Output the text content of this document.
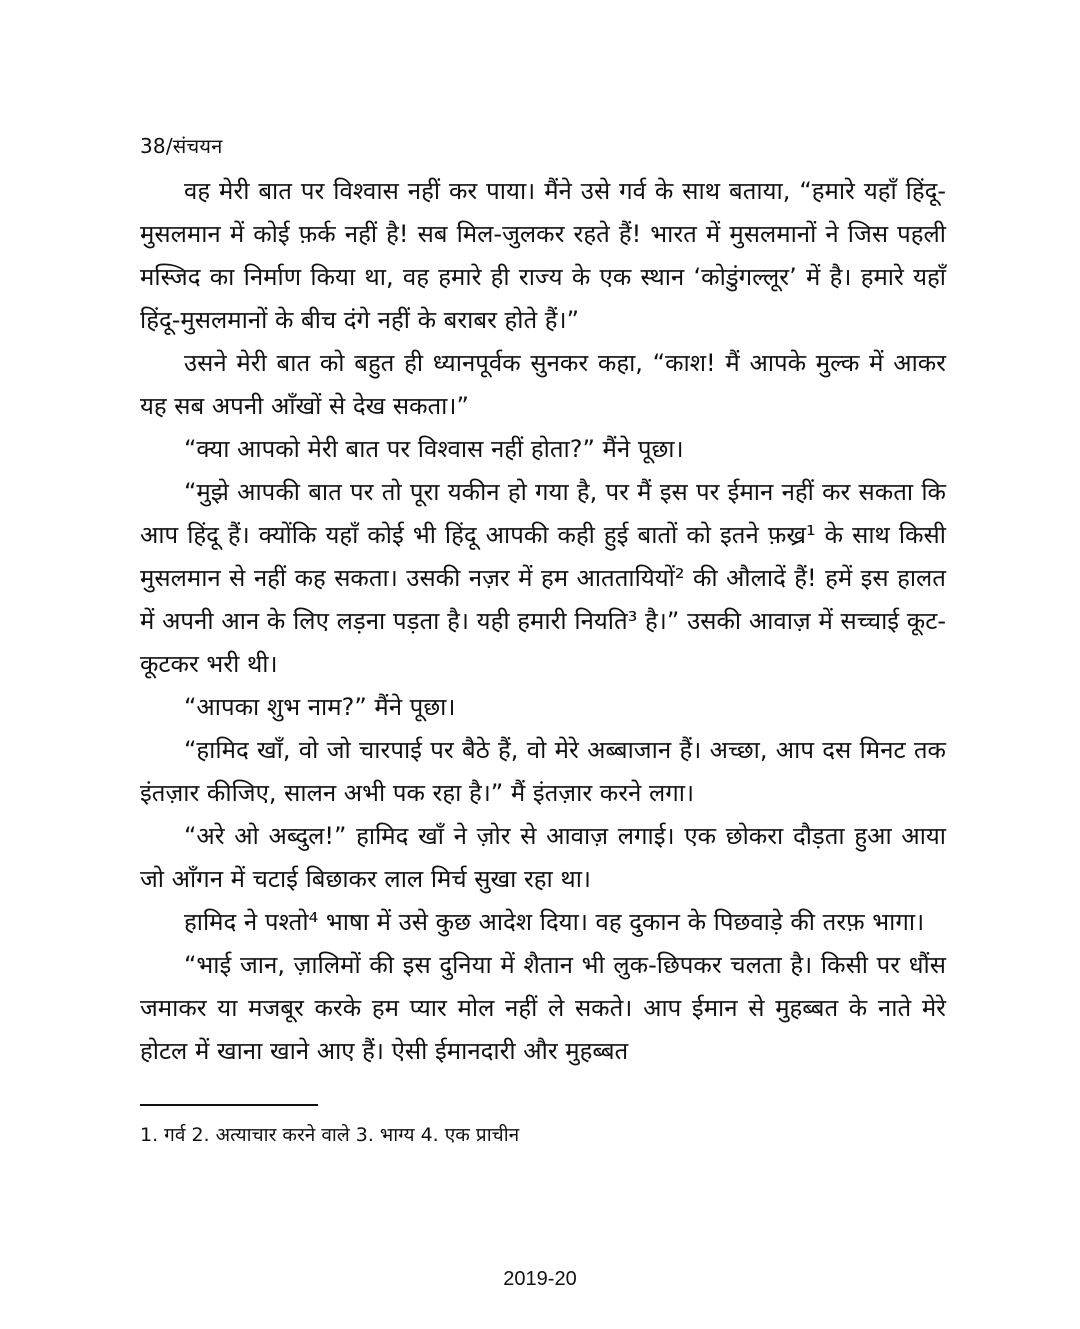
38/संचयन

वह मेरी बात पर विश्वास नहीं कर पाया। मैंने उसे गर्व के साथ बताया, “हमारे यहाँ हिंदू-मुसलमान में कोई फ़र्क नहीं है! सब मिल-जुलकर रहते हैं! भारत में मुसलमानों ने जिस पहली मस्जिद का निर्माण किया था, वह हमारे ही राज्य के एक स्थान ‘कोडुंगल्लूर’ में है। हमारे यहाँ हिंदू-मुसलमानों के बीच दंगे नहीं के बराबर होते हैं।”

उसने मेरी बात को बहुत ही ध्यानपूर्वक सुनकर कहा, “काश! मैं आपके मुल्क में आकर यह सब अपनी आँखों से देख सकता।”

“क्या आपको मेरी बात पर विश्वास नहीं होता?” मैंने पूछा।

“मुझे आपकी बात पर तो पूरा यकीन हो गया है, पर मैं इस पर ईमान नहीं कर सकता कि आप हिंदू हैं। क्योंकि यहाँ कोई भी हिंदू आपकी कही हुई बातों को इतने फ़ख्र¹ के साथ किसी मुसलमान से नहीं कह सकता। उसकी नज़र में हम आततायियों² की औलादें हैं! हमें इस हालत में अपनी आन के लिए लड़ना पड़ता है। यही हमारी नियति³ है।” उसकी आवाज़ में सच्चाई कूट-कूटकर भरी थी।

“आपका शुभ नाम?” मैंने पूछा।

“हामिद खाँ, वो जो चारपाई पर बैठे हैं, वो मेरे अब्बाजान हैं। अच्छा, आप दस मिनट तक इंतज़ार कीजिए, सालन अभी पक रहा है।” मैं इंतज़ार करने लगा।

“अरे ओ अब्दुल!” हामिद खाँ ने ज़ोर से आवाज़ लगाई। एक छोकरा दौड़ता हुआ आया जो आँगन में चटाई बिछाकर लाल मिर्च सुखा रहा था।

हामिद ने पश्तो⁴ भाषा में उसे कुछ आदेश दिया। वह दुकान के पिछवाड़े की तरफ़ भागा।

“भाई जान, ज़ालिमों की इस दुनिया में शैतान भी लुक-छिपकर चलता है। किसी पर धौंस जमाकर या मजबूर करके हम प्यार मोल नहीं ले सकते। आप ईमान से मुहब्बत के नाते मेरे होटल में खाना खाने आए हैं। ऐसी ईमानदारी और मुहब्बत

1. गर्व 2. अत्याचार करने वाले 3. भाग्य 4. एक प्राचीन
2019-20
